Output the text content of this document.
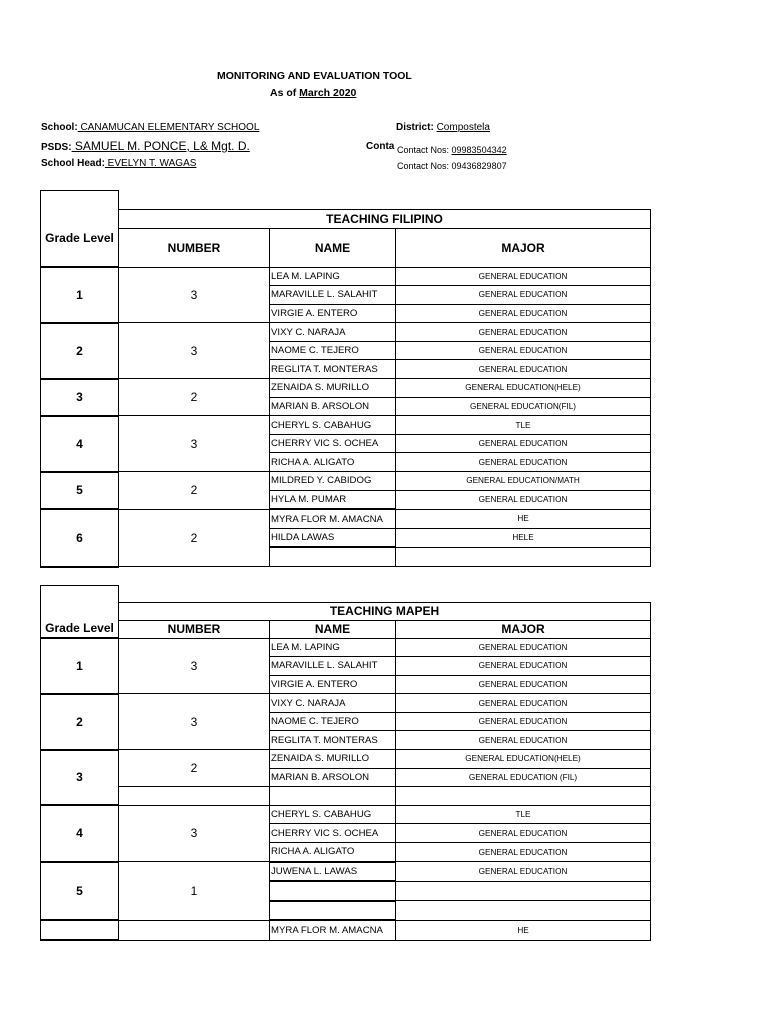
MONITORING AND EVALUATION TOOL
As of March 2020
School: CANAMUCAN ELEMENTARY SCHOOL
PSDS: SAMUEL M. PONCE, L& Mgt. D.
School Head: EVELYN T. WAGAS
District: Compostela
Conta Contact Nos: 09983504342
Contact Nos: 09436829807
Grade Level			
	TEACHING FILIPINO		
	NUMBER	NAME	MAJOR
1	3	LEA M. LAPING	GENERAL EDUCATION
		MARAVILLE L. SALAHIT	GENERAL EDUCATION
		VIRGIE A. ENTERO	GENERAL EDUCATION
2	3	VIXY C. NARAJA	GENERAL EDUCATION
		NAOME C. TEJERO	GENERAL EDUCATION
		REGLITA T. MONTERAS	GENERAL EDUCATION
3	2	ZENAIDA S. MURILLO	GENERAL EDUCATION(HELE)
		MARIAN B. ARSOLON	GENERAL EDUCATION(FIL)
4	3	CHERYL S. CABAHUG	TLE
		CHERRY VIC S. OCHEA	GENERAL EDUCATION
		RICHA A. ALIGATO	GENERAL EDUCATION
5	2	MILDRED Y. CABIDOG	GENERAL EDUCATION/MATH
		HYLA M. PUMAR	GENERAL EDUCATION
6	2	MYRA FLOR M. AMACNA	HE
		HILDA LAWAS	HELE

Grade Level			
	TEACHING MAPEH		
	NUMBER	NAME	MAJOR
1	3	LEA M. LAPING	GENERAL EDUCATION
		MARAVILLE L. SALAHIT	GENERAL EDUCATION
		VIRGIE A. ENTERO	GENERAL EDUCATION
2	3	VIXY C. NARAJA	GENERAL EDUCATION
		NAOME C. TEJERO	GENERAL EDUCATION
		REGLITA T. MONTERAS	GENERAL EDUCATION
3	2	ZENAIDA S. MURILLO	GENERAL EDUCATION(HELE)
		MARIAN B. ARSOLON	GENERAL EDUCATION (FIL)

4	3	CHERYL S. CABAHUG	TLE
		CHERRY VIC S. OCHEA	GENERAL EDUCATION
		RICHA A. ALIGATO	GENERAL EDUCATION
5	1	JUWENA L. LAWAS	GENERAL EDUCATION

		MYRA FLOR M. AMACNA	HE
